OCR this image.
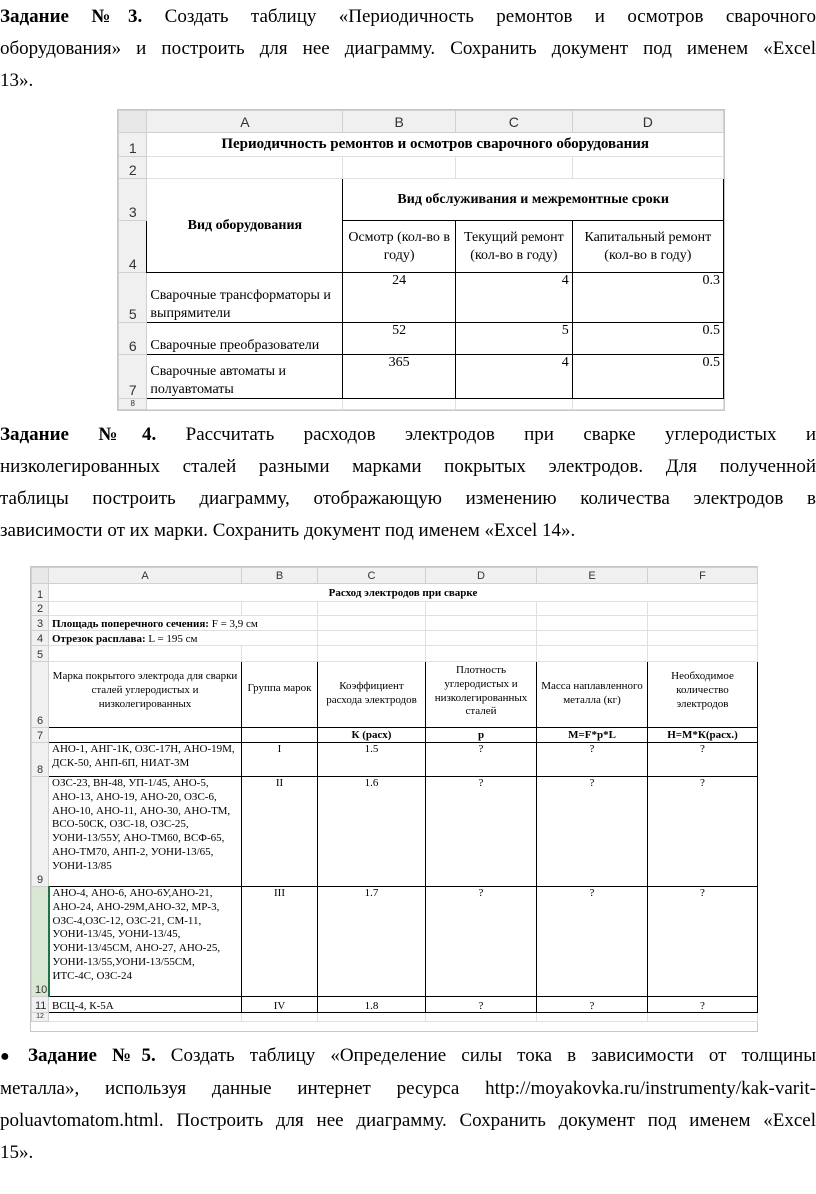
Задание №3. Создать таблицу «Периодичность ремонтов и осмотров сварочного
оборудования» и построить для нее диаграмму. Сохранить документ под именем «Excel
13».
	A	B	C	D
1	Периодичность ремонтов и осмотров сварочного оборудования			
2				
3	Вид оборудования	Вид обслуживания и межремонтные сроки		
4		Осмотр (кол-во в году)	Текущий ремонт (кол-во в году)	Капитальный ремонт (кол-во в году)
5	Сварочные трансформаторы и выпрямители	24	4	0.3
6	Сварочные преобразователи	52	5	0.5
7	Сварочные автоматы и полуавтоматы	365	4	0.5
8				
Задание №4. Рассчитать расходов электродов при сварке углеродистых и
низколегированных сталей разными марками покрытых электродов. Для полученной
таблицы построить диаграмму, отображающую изменению количества электродов в
зависимости от их марки. Сохранить документ под именем «Excel 14».
	A	B	C	D	E	F
1	Расход электродов при сварке					
2						
3	Площадь поперечного сечения: F = 3,9 см					
4	Отрезок расплава: L = 195 см					
5						
6	Марка покрытого электрода для сварки сталей углеродистых и низколегированных	Группа марок	Коэффициент расхода электродов	Плотность углеродистых и низколегированных сталей	Масса наплавленного металла (кг)	Необходимое количество электродов
7			К (расх)	р	М=F*p*L	Н=М*К(расх.)
8	АНО-1, АНГ-1К, ОЗС-17Н, АНО-19М, ДСК-50, АНП-6П, НИАТ-3М	I	1.5	?	?	?
9	ОЗС-23, ВН-48, УП-1/45, АНО-5, АНО-13, АНО-19, АНО-20, ОЗС-6, АНО-10, АНО-11, АНО-30, АНО-ТМ, ВСО-50СК, ОЗС-18, ОЗС-25, УОНИ-13/55У, АНО-ТМ60, ВСФ-65, АНО-ТМ70, АНП-2, УОНИ-13/65, УОНИ-13/85	II	1.6	?	?	?
10	АНО-4, АНО-6, АНО-6У,АНО-21, АНО-24, АНО-29М,АНО-32, МР-3, ОЗС-4,ОЗС-12, ОЗС-21, СМ-11, УОНИ-13/45, УОНИ-13/45, УОНИ-13/45СМ, АНО-27, АНО-25, УОНИ-13/55,УОНИ-13/55СМ, ИТС-4С, ОЗС-24	III	1.7	?	?	?
11	ВСЦ-4, К-5А	IV	1.8	?	?	?
12						
● Задание №5. Создать таблицу «Определение силы тока в зависимости от толщины
металла», используя данные интернет ресурса http://moyakovka.ru/instrumenty/kak-varit-
poluavtomatom.html. Построить для нее диаграмму. Сохранить документ под именем «Excel
15».
